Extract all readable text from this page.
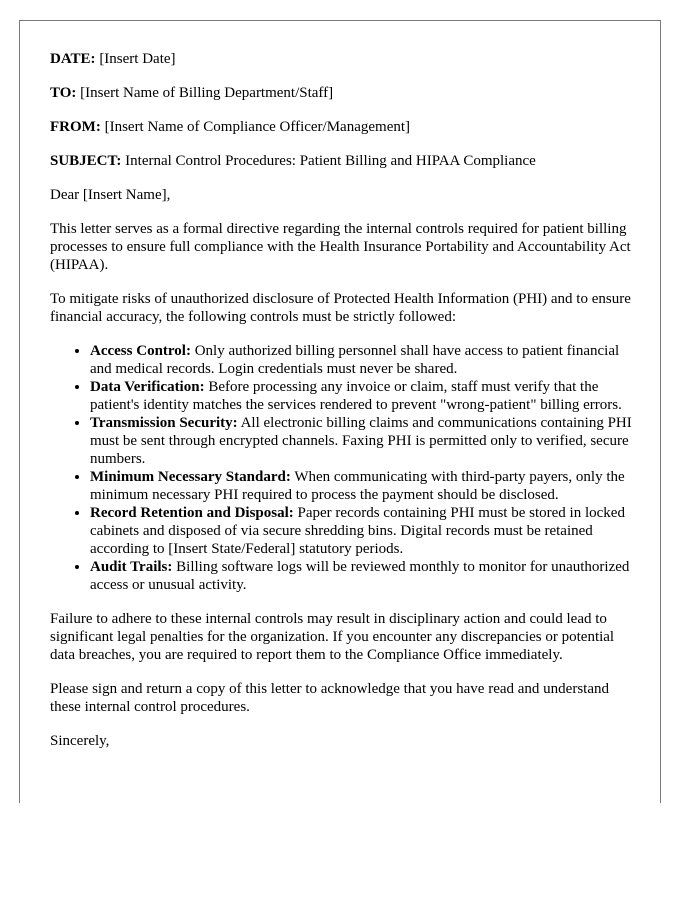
DATE: [Insert Date]
TO: [Insert Name of Billing Department/Staff]
FROM: [Insert Name of Compliance Officer/Management]
SUBJECT: Internal Control Procedures: Patient Billing and HIPAA Compliance

Dear [Insert Name],

This letter serves as a formal directive regarding the internal controls required for patient billing processes to ensure full compliance with the Health Insurance Portability and Accountability Act (HIPAA).

To mitigate risks of unauthorized disclosure of Protected Health Information (PHI) and to ensure financial accuracy, the following controls must be strictly followed:

• Access Control: Only authorized billing personnel shall have access to patient financial and medical records. Login credentials must never be shared.
• Data Verification: Before processing any invoice or claim, staff must verify that the patient's identity matches the services rendered to prevent "wrong-patient" billing errors.
• Transmission Security: All electronic billing claims and communications containing PHI must be sent through encrypted channels. Faxing PHI is permitted only to verified, secure numbers.
• Minimum Necessary Standard: When communicating with third-party payers, only the minimum necessary PHI required to process the payment should be disclosed.
• Record Retention and Disposal: Paper records containing PHI must be stored in locked cabinets and disposed of via secure shredding bins. Digital records must be retained according to [Insert State/Federal] statutory periods.
• Audit Trails: Billing software logs will be reviewed monthly to monitor for unauthorized access or unusual activity.

Failure to adhere to these internal controls may result in disciplinary action and could lead to significant legal penalties for the organization. If you encounter any discrepancies or potential data breaches, you are required to report them to the Compliance Office immediately.

Please sign and return a copy of this letter to acknowledge that you have read and understand these internal control procedures.

Sincerely,
